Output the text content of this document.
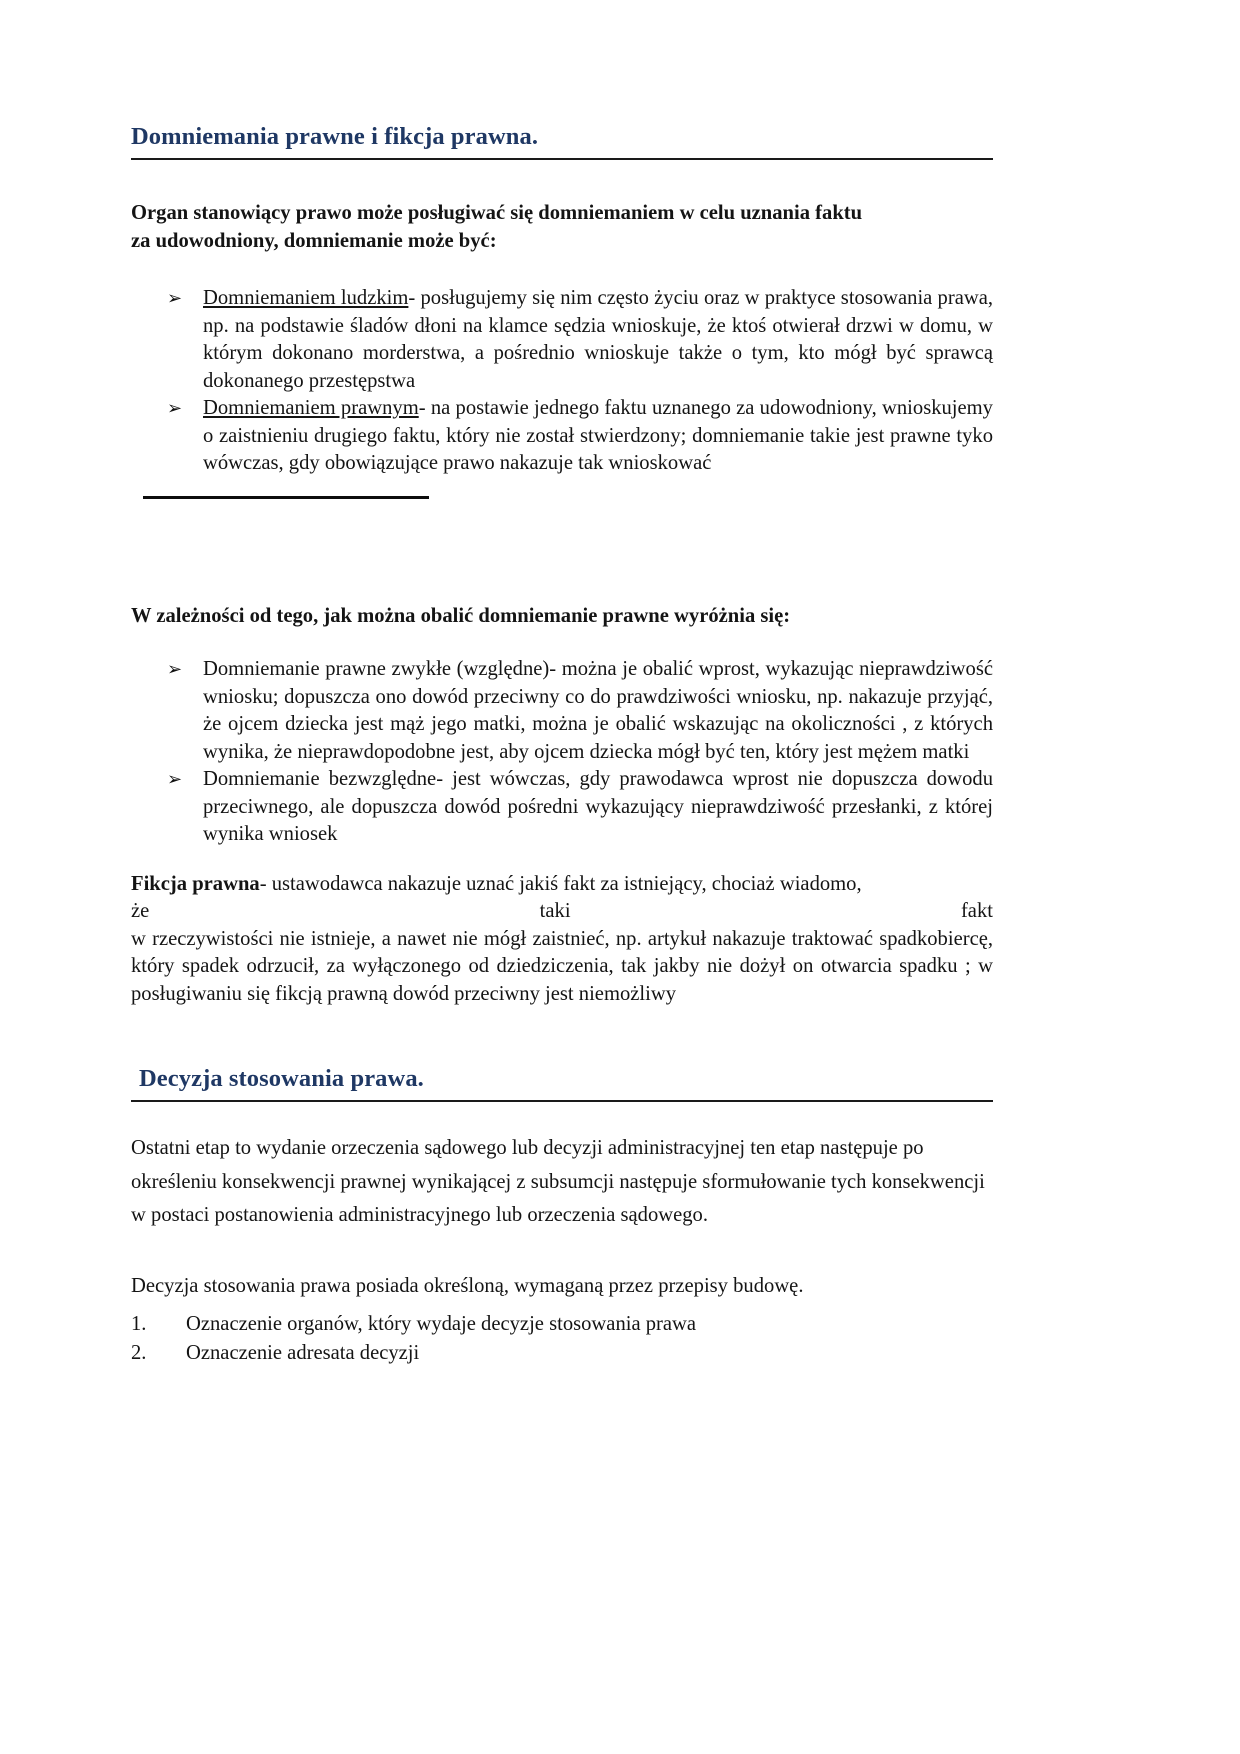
Domniemania prawne i fikcja prawna.

Organ stanowiący prawo może posługiwać się domniemaniem w celu uznania faktu

za udowodniony, domniemanie może być:

➢ Domniemaniem ludzkim- posługujemy się nim często życiu oraz w praktyce stosowania prawa, np. na podstawie śladów dłoni na klamce sędzia wnioskuje, że ktoś otwierał drzwi w domu, w którym dokonano morderstwa, a pośrednio wnioskuje także o tym, kto mógł być sprawcą dokonanego przestępstwa
➢ Domniemaniem prawnym- na postawie jednego faktu uznanego za udowodniony, wnioskujemy o zaistnieniu drugiego faktu, który nie został stwierdzony; domniemanie takie jest prawne tyko wówczas, gdy obowiązujące prawo nakazuje tak wnioskować

W zależności od tego, jak można obalić domniemanie prawne wyróżnia się:

➢ Domniemanie prawne zwykłe (względne)- można je obalić wprost, wykazując nieprawdziwość wniosku; dopuszcza ono dowód przeciwny co do prawdziwości wniosku, np. nakazuje przyjąć, że ojcem dziecka jest mąż jego matki, można je obalić wskazując na okoliczności , z których wynika, że nieprawdopodobne jest, aby ojcem dziecka mógł być ten, który jest mężem matki
➢ Domniemanie bezwzględne- jest wówczas, gdy prawodawca wprost nie dopuszcza dowodu przeciwnego, ale dopuszcza dowód pośredni wykazujący nieprawdziwość przesłanki, z której wynika wniosek

Fikcja prawna- ustawodawca nakazuje uznać jakiś fakt za istniejący, chociaż wiadomo,

że	taki	fakt

w rzeczywistości nie istnieje, a nawet nie mógł zaistnieć, np. artykuł nakazuje traktować spadkobiercę, który spadek odrzucił, za wyłączonego od dziedziczenia, tak jakby nie dożył on otwarcia spadku ; w posługiwaniu się fikcją prawną dowód przeciwny jest niemożliwy

Decyzja stosowania prawa.

Ostatni etap to wydanie orzeczenia sądowego lub decyzji administracyjnej ten etap następuje po określeniu konsekwencji prawnej wynikającej z subsumcji następuje sformułowanie tych konsekwencji w postaci postanowienia administracyjnego lub orzeczenia sądowego.

Decyzja stosowania prawa posiada określoną, wymaganą przez przepisy budowę.

1. Oznaczenie organów, który wydaje decyzje stosowania prawa
2. Oznaczenie adresata decyzji
